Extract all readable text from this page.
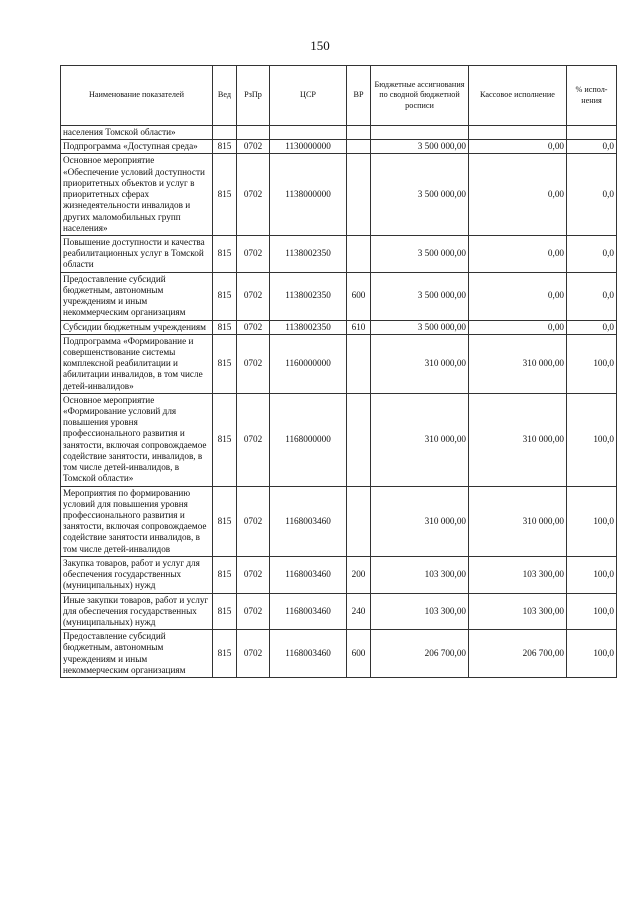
150
Наименование показателей	Вед	РзПр	ЦСР	ВР	Бюджетные ассигнования по сводной бюджетной росписи	Кассовое исполнение	% испол-нения
населения Томской области»							
Подпрограмма «Доступная среда»	815	0702	1130000000		3 500 000,00	0,00	0,0
Основное мероприятие «Обеспечение условий доступности приоритетных объектов и услуг в приоритетных сферах жизнедеятельности инвалидов и других маломобильных групп населения»	815	0702	1138000000		3 500 000,00	0,00	0,0
Повышение доступности и качества реабилитационных услуг в Томской области	815	0702	1138002350		3 500 000,00	0,00	0,0
Предоставление субсидий бюджетным, автономным учреждениям и иным некоммерческим организациям	815	0702	1138002350	600	3 500 000,00	0,00	0,0
Субсидии бюджетным учреждениям	815	0702	1138002350	610	3 500 000,00	0,00	0,0
Подпрограмма «Формирование и совершенствование системы комплексной реабилитации и абилитации инвалидов, в том числе детей-инвалидов»	815	0702	1160000000		310 000,00	310 000,00	100,0
Основное мероприятие «Формирование условий для повышения уровня профессионального развития и занятости, включая сопровождаемое содействие занятости, инвалидов, в том числе детей-инвалидов, в Томской области»	815	0702	1168000000		310 000,00	310 000,00	100,0
Мероприятия по формированию условий для повышения уровня профессионального развития и занятости, включая сопровождаемое содействие занятости инвалидов, в том числе детей-инвалидов	815	0702	1168003460		310 000,00	310 000,00	100,0
Закупка товаров, работ и услуг для обеспечения государственных (муниципальных) нужд	815	0702	1168003460	200	103 300,00	103 300,00	100,0
Иные закупки товаров, работ и услуг для обеспечения государственных (муниципальных) нужд	815	0702	1168003460	240	103 300,00	103 300,00	100,0
Предоставление субсидий бюджетным, автономным учреждениям и иным некоммерческим организациям	815	0702	1168003460	600	206 700,00	206 700,00	100,0
